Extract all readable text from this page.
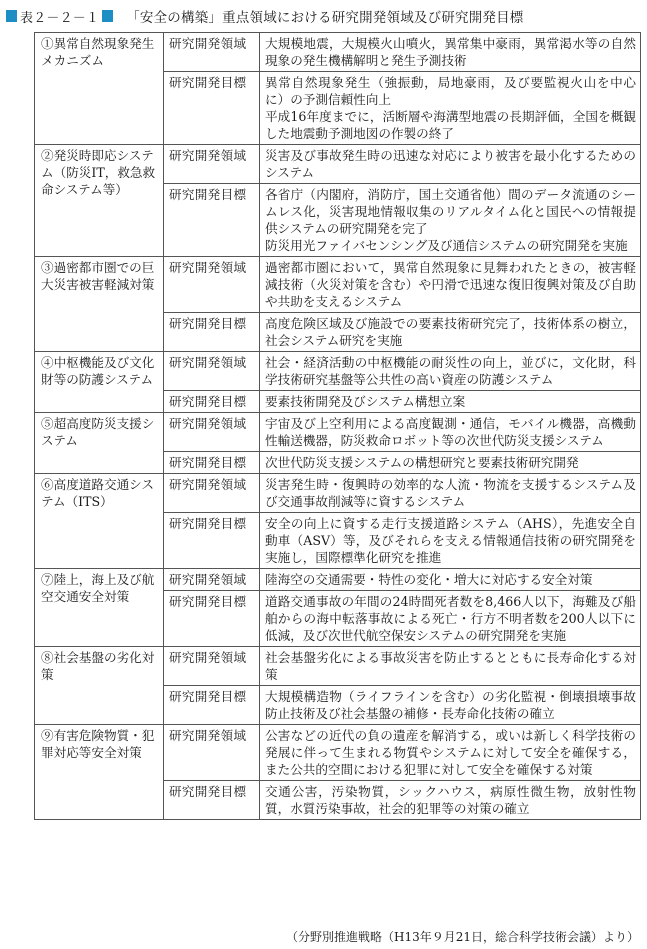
表２－２－１ 「安全の構築」重点領域における研究開発領域及び研究開発目標
①異常自然現象発生メカニズム	研究開発領域	大規模地震，大規模火山噴火，異常集中豪雨，異常渇水等の自然現象の発生機構解明と発生予測技術

	研究開発目標	異常自然現象発生（強振動，局地豪雨，及び要監視火山を中心に）の予測信頼性向上
平成16年度までに，活断層や海溝型地震の長期評価，全国を概観した地震動予測地図の作製の終了

②発災時即応システム（防災IT，救急救命システム等）	研究開発領域	災害及び事故発生時の迅速な対応により被害を最小化するためのシステム

	研究開発目標	各省庁（内閣府，消防庁，国土交通省他）間のデータ流通のシームレス化，災害現地情報収集のリアルタイム化と国民への情報提供システムの研究開発を完了
防災用光ファイバセンシング及び通信システムの研究開発を実施

③過密都市圏での巨大災害被害軽減対策	研究開発領域	過密都市圏において，異常自然現象に見舞われたときの，被害軽減技術（火災対策を含む）や円滑で迅速な復旧復興対策及び自助や共助を支えるシステム

	研究開発目標	高度危険区域及び施設での要素技術研究完了，技術体系の樹立，社会システム研究を実施

④中枢機能及び文化財等の防護システム	研究開発領域	社会・経済活動の中枢機能の耐災性の向上，並びに，文化財，科学技術研究基盤等公共性の高い資産の防護システム

	研究開発目標	要素技術開発及びシステム構想立案

⑤超高度防災支援システム	研究開発領域	宇宙及び上空利用による高度観測・通信，モバイル機器，高機動性輸送機器，防災救命ロボット等の次世代防災支援システム

	研究開発目標	次世代防災支援システムの構想研究と要素技術研究開発

⑥高度道路交通システム（ITS）	研究開発領域	災害発生時・復興時の効率的な人流・物流を支援するシステム及び交通事故削減等に資するシステム

	研究開発目標	安全の向上に資する走行支援道路システム（AHS），先進安全自動車（ASV）等，及びそれらを支える情報通信技術の研究開発を実施し，国際標準化研究を推進

⑦陸上，海上及び航空交通安全対策	研究開発領域	陸海空の交通需要・特性の変化・増大に対応する安全対策

	研究開発目標	道路交通事故の年間の24時間死者数を8,466人以下，海難及び船舶からの海中転落事故による死亡・行方不明者数を200人以下に低減，及び次世代航空保安システムの研究開発を実施

⑧社会基盤の劣化対策	研究開発領域	社会基盤劣化による事故災害を防止するとともに長寿命化する対策

	研究開発目標	大規模構造物（ライフラインを含む）の劣化監視・倒壊損壊事故防止技術及び社会基盤の補修・長寿命化技術の確立

⑨有害危険物質・犯罪対応等安全対策	研究開発領域	公害などの近代の負の遺産を解消する，或いは新しく科学技術の発展に伴って生まれる物質やシステムに対して安全を確保する，また公共的空間における犯罪に対して安全を確保する対策

	研究開発目標	交通公害，汚染物質，シックハウス，病原性微生物，放射性物質，水質汚染事故，社会的犯罪等の対策の確立
（分野別推進戦略（H13年９月21日，総合科学技術会議）より）
